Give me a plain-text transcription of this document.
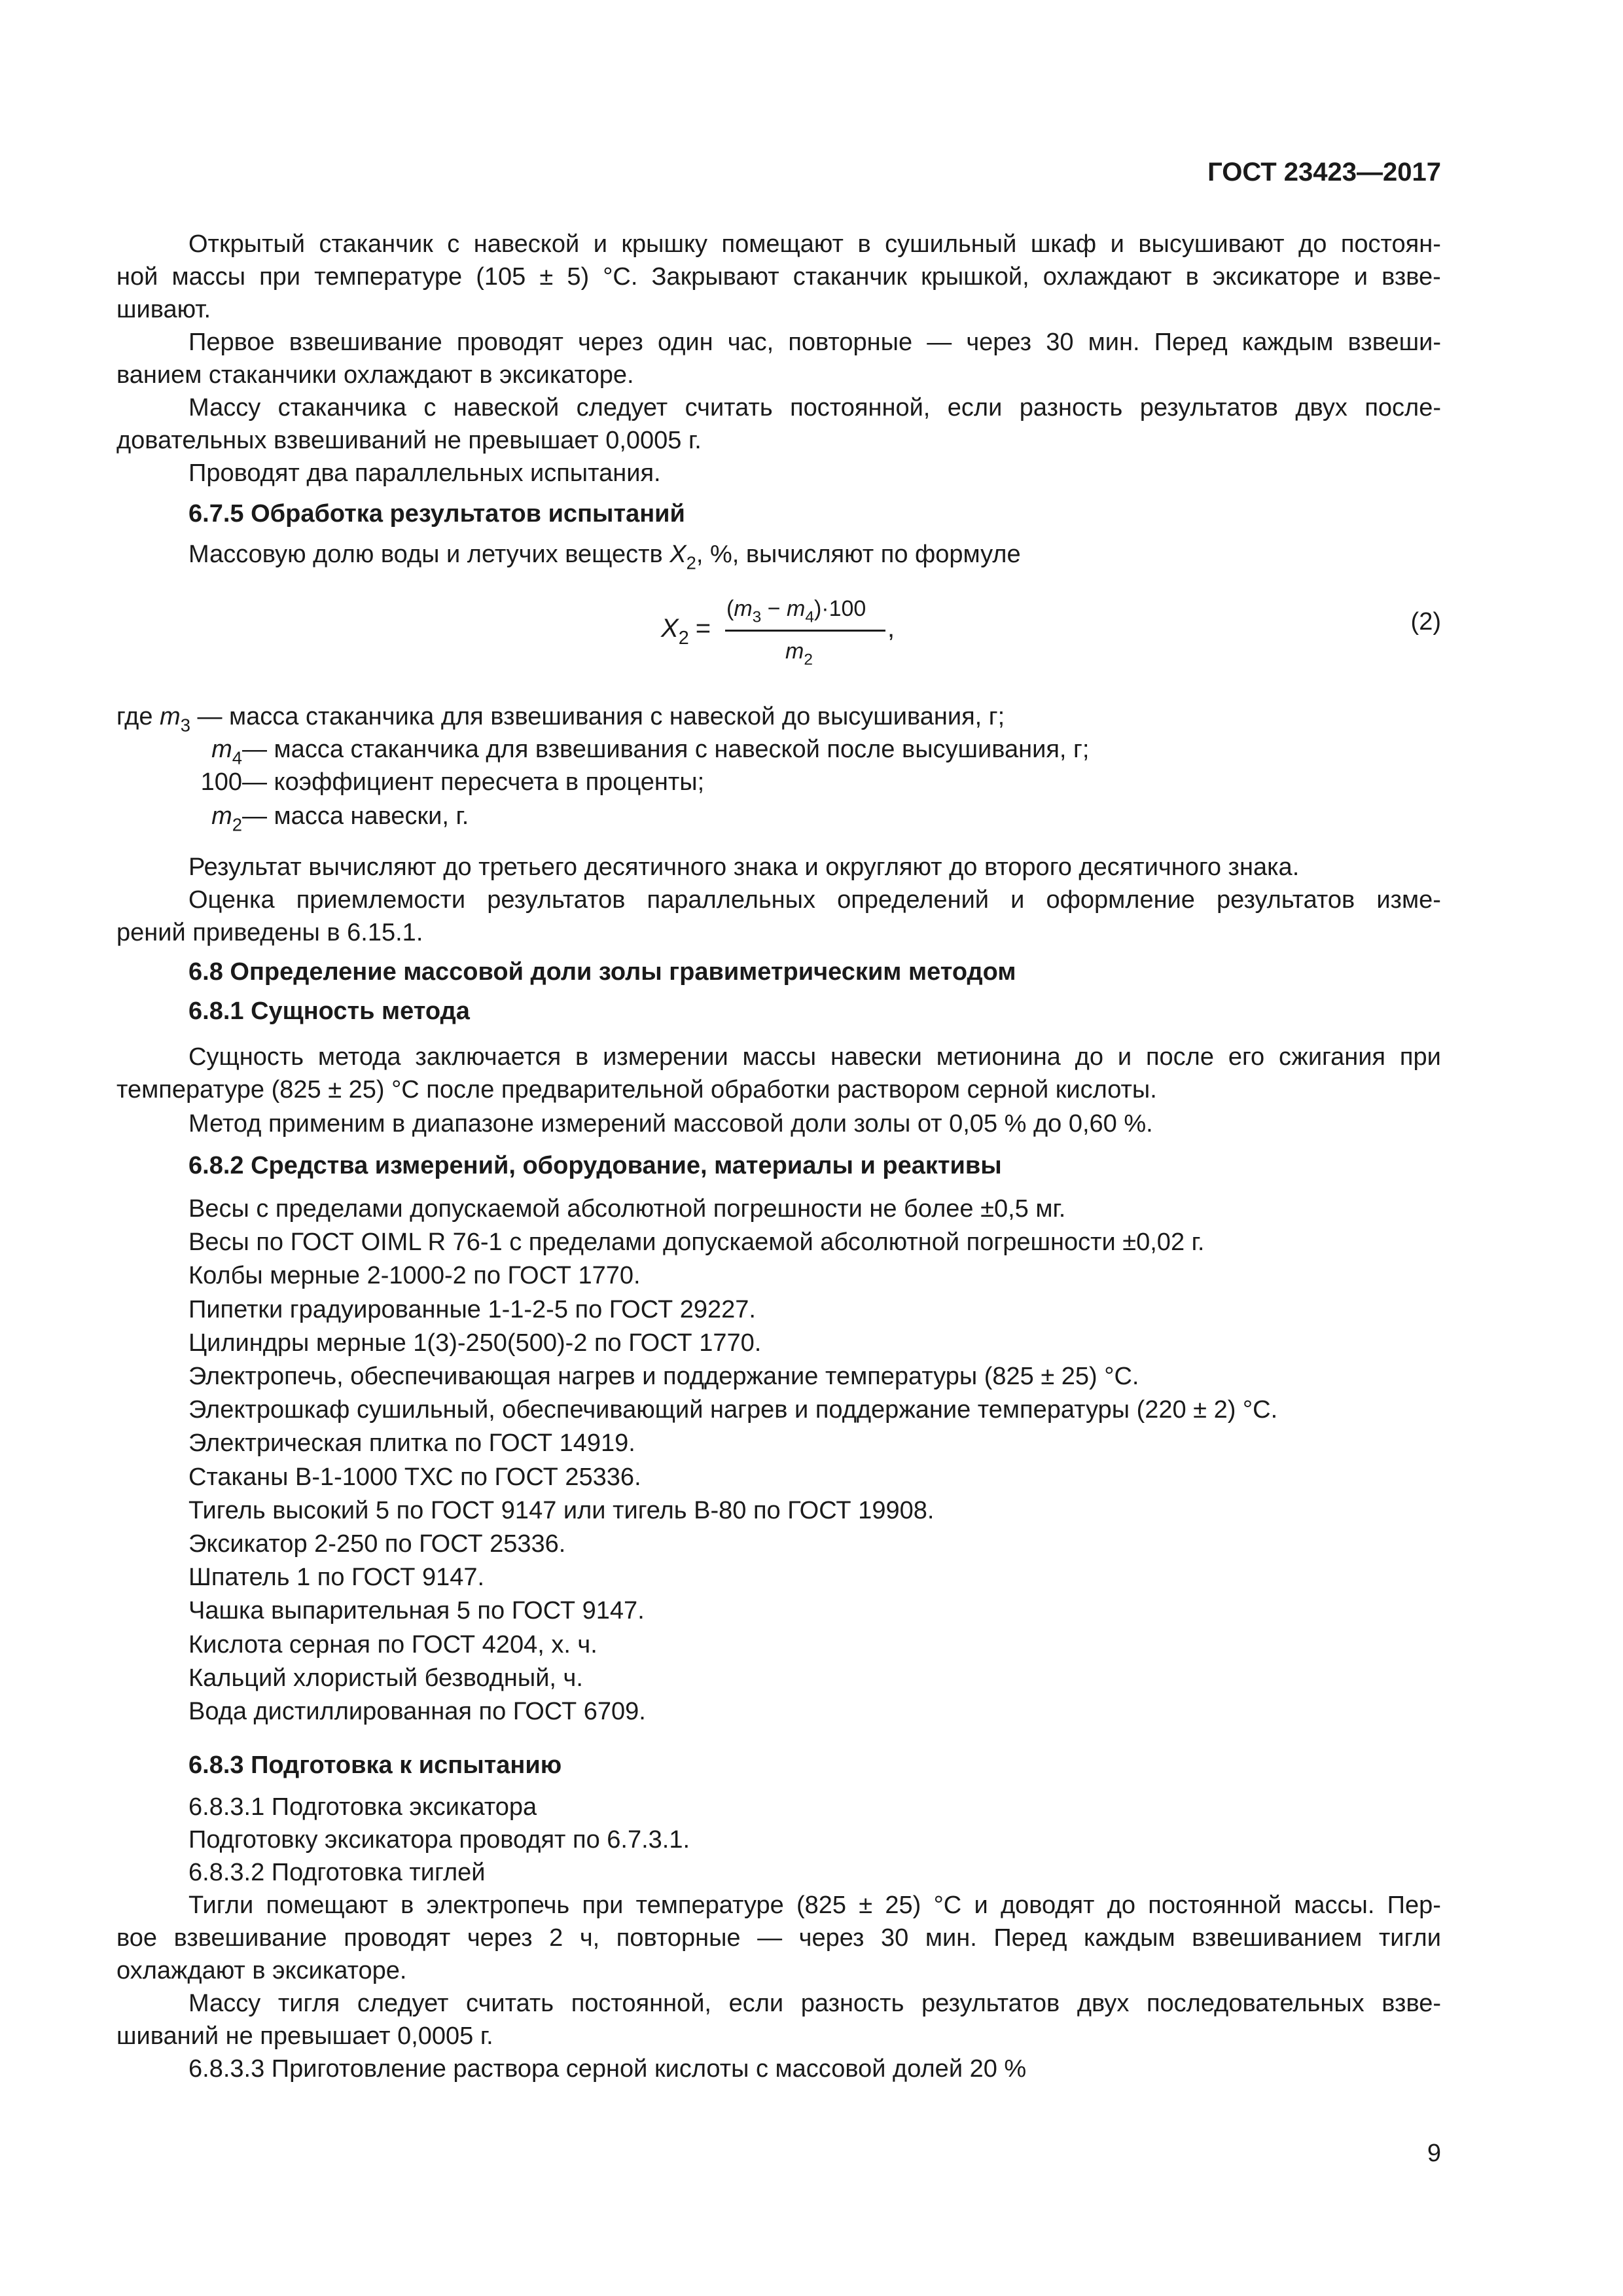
ГОСТ 23423—2017
Открытый стаканчик с навеской и крышку помещают в сушильный шкаф и высушивают до постоян-
ной массы при температуре (105 ± 5) °С. Закрывают стаканчик крышкой, охлаждают в эксикаторе и взве-
шивают.
Первое взвешивание проводят через один час, повторные — через 30 мин. Перед каждым взвеши-
ванием стаканчики охлаждают в эксикаторе.
Массу стаканчика с навеской следует считать постоянной, если разность результатов двух после-
довательных взвешиваний не превышает 0,0005 г.
Проводят два параллельных испытания.
6.7.5 Обработка результатов испытаний
Массовую долю воды и летучих веществ $X_2$, %, вычисляют по формуле
$X_2$ =
$(m_3 - m_4)\cdot 100$
$m_2$
,	(2)
где $m_3$ — масса стаканчика для взвешивания с навеской до высушивания, г;
$m_4$ — масса стаканчика для взвешивания с навеской после высушивания, г;
100 — коэффициент пересчета в проценты;
$m_2$ — масса навески, г.
Результат вычисляют до третьего десятичного знака и округляют до второго десятичного знака.
Оценка приемлемости результатов параллельных определений и оформление результатов изме-
рений приведены в 6.15.1.
6.8 Определение массовой доли золы гравиметрическим методом
6.8.1 Сущность метода
Сущность метода заключается в измерении массы навески метионина до и после его сжигания при
температуре (825 ± 25) °С после предварительной обработки раствором серной кислоты.
Метод применим в диапазоне измерений массовой доли золы от 0,05 % до 0,60 %.
6.8.2 Средства измерений, оборудование, материалы и реактивы
Весы с пределами допускаемой абсолютной погрешности не более ±0,5 мг.
Весы по ГОСТ OIML R 76-1 с пределами допускаемой абсолютной погрешности ±0,02 г.
Колбы мерные 2-1000-2 по ГОСТ 1770.
Пипетки градуированные 1-1-2-5 по ГОСТ 29227.
Цилиндры мерные 1(3)-250(500)-2 по ГОСТ 1770.
Электропечь, обеспечивающая нагрев и поддержание температуры (825 ± 25) °С.
Электрошкаф сушильный, обеспечивающий нагрев и поддержание температуры (220 ± 2) °С.
Электрическая плитка по ГОСТ 14919.
Стаканы В-1-1000 ТХС по ГОСТ 25336.
Тигель высокий 5 по ГОСТ 9147 или тигель В-80 по ГОСТ 19908.
Эксикатор 2-250 по ГОСТ 25336.
Шпатель 1 по ГОСТ 9147.
Чашка выпарительная 5 по ГОСТ 9147.
Кислота серная по ГОСТ 4204, х. ч.
Кальций хлористый безводный, ч.
Вода дистиллированная по ГОСТ 6709.
6.8.3 Подготовка к испытанию
6.8.3.1 Подготовка эксикатора
Подготовку эксикатора проводят по 6.7.3.1.
6.8.3.2 Подготовка тиглей
Тигли помещают в электропечь при температуре (825 ± 25) °С и доводят до постоянной массы. Пер-
вое взвешивание проводят через 2 ч, повторные — через 30 мин. Перед каждым взвешиванием тигли
охлаждают в эксикаторе.
Массу тигля следует считать постоянной, если разность результатов двух последовательных взве-
шиваний не превышает 0,0005 г.
6.8.3.3 Приготовление раствора серной кислоты с массовой долей 20 %
9
